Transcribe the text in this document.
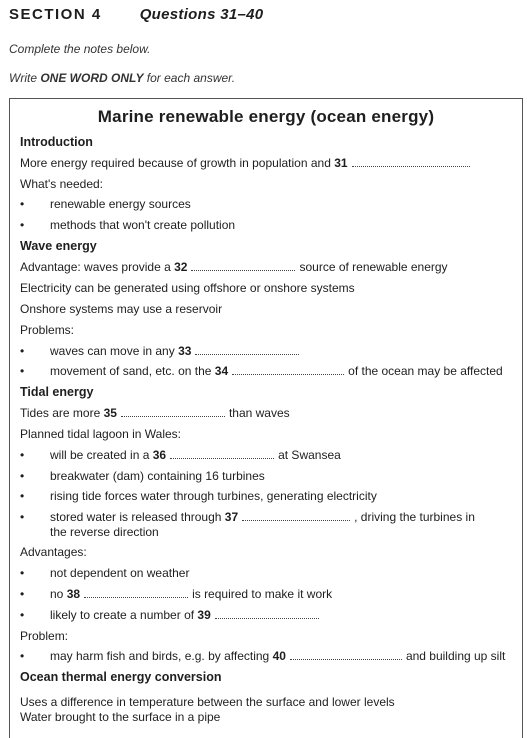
SECTION 4	Questions 31–40
Complete the notes below.
Write ONE WORD ONLY for each answer.
Marine renewable energy (ocean energy)
Introduction
More energy required because of growth in population and 31
What's needed:
• renewable energy sources
• methods that won't create pollution
Wave energy
Advantage: waves provide a 32	source of renewable energy
Electricity can be generated using offshore or onshore systems
Onshore systems may use a reservoir
Problems:
• waves can move in any 33
• movement of sand, etc. on the 34	of the ocean may be affected
Tidal energy
Tides are more 35	than waves
Planned tidal lagoon in Wales:
• will be created in a 36	at Swansea
• breakwater (dam) containing 16 turbines
• rising tide forces water through turbines, generating electricity
• stored water is released through 37	, driving the turbines in
the reverse direction
Advantages:
• not dependent on weather
• no 38	is required to make it work
• likely to create a number of 39
Problem:
• may harm fish and birds, e.g. by affecting 40	and building up silt
Ocean thermal energy conversion
Uses a difference in temperature between the surface and lower levels
Water brought to the surface in a pipe
